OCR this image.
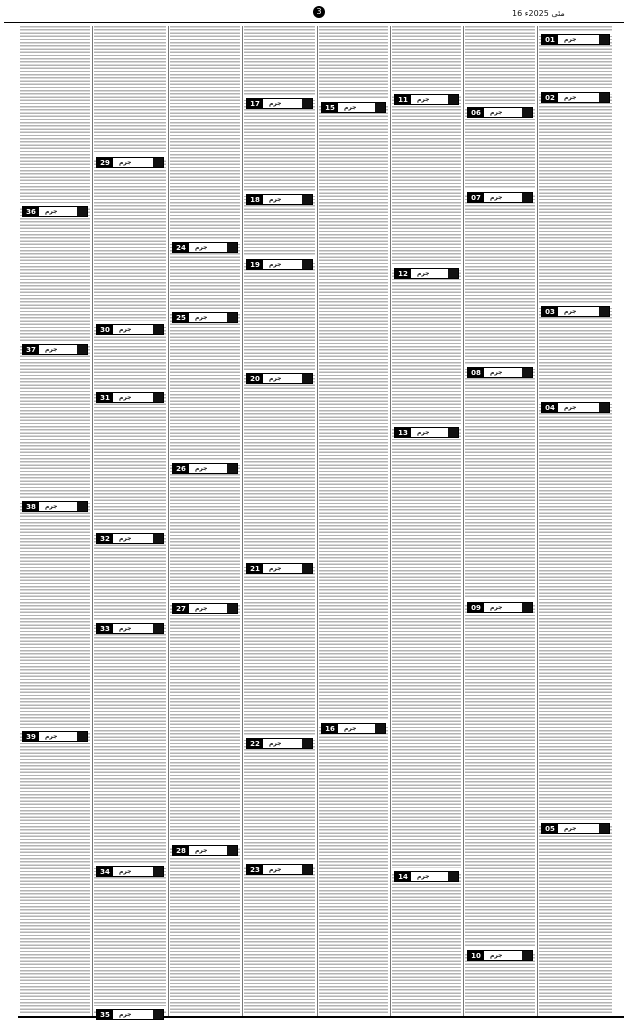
3	16 مئی 2025ء
36	جرم
37	جرم
38	جرم
39	جرم
29	جرم
30	جرم
31	جرم
32	جرم
33	جرم
34	جرم
35	جرم
24	جرم
25	جرم
26	جرم
27	جرم
28	جرم
17	جرم
18	جرم
19	جرم
20	جرم
21	جرم
22	جرم
23	جرم
15	جرم
16	جرم
11	جرم
12	جرم
13	جرم
14	جرم
06	جرم
07	جرم
08	جرم
09	جرم
10	جرم
01	جرم
02	جرم
03	جرم
04	جرم
05	جرم
